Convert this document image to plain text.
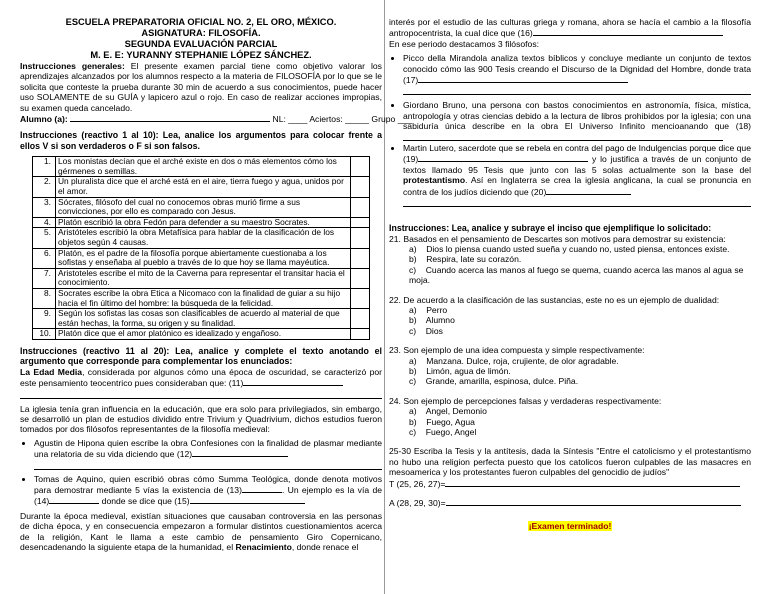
ESCUELA PREPARATORIA OFICIAL NO. 2, EL ORO, MÉXICO.
ASIGNATURA: FILOSOFÍA.
SEGUNDA EVALUACIÓN PARCIAL
M. E. E: YURANNY STEPHANIE LÓPEZ SÁNCHEZ.

Instrucciones generales: El presente examen parcial tiene como objetivo valorar los aprendizajes alcanzados por los alumnos respecto a la materia de FILOSOFÍA por lo que se le solicita que conteste la prueba durante 30 min de acuerdo a sus conocimientos, puede hacer uso SOLAMENTE de su GUÍA y lapicero azul o rojo. En caso de realizar acciones impropias, su examen queda cancelado.

Alumno (a):	NL: ____ Aciertos: _____ Grupo ___

Instrucciones (reactivo 1 al 10): Lea, analice los argumentos para colocar frente a ellos V si son verdaderos o F si son falsos.

1.	Los monistas decían que el arché existe en dos o más elementos cómo los gérmenes o semillas.	
2.	Un pluralista dice que el arché está en el aire, tierra fuego y agua, unidos por el amor.	
3.	Sócrates, filósofo del cual no conocemos obras murió firme a sus convicciones, por ello es comparado con Jesus.	
4.	Platón escribió la obra Fedón para defender a su maestro Socrates.	
5.	Aristóteles escribió la obra Metafísica para hablar de la clasificación de los objetos según 4 causas.	
6.	Platón, es el padre de la filosofía porque abiertamente cuestionaba a los sofistas y enseñaba al pueblo a través de lo que hoy se llama mayéutica.	
7.	Aristoteles escribe el mito de la Caverna para representar el transitar hacia el conocimiento.	
8.	Socrates escribe la obra Etica a Nicomaco con la finalidad de guiar a su hijo hacia el fin último del hombre: la búsqueda de la felicidad.	
9.	Según los sofistas las cosas son clasificables de acuerdo al material de que están hechas, la forma, su origen y su finalidad.	
10.	Platón dice que el amor platónico es idealizado y engañoso.	

Instrucciones (reactivo 11 al 20): Lea, analice y complete el texto anotando el argumento que corresponde para complementar los enunciados:

La Edad Media, considerada por algunos cómo una época de oscuridad, se caracterizó por este pensamiento teocentrico pues consideraban que: (11)

La iglesia tenía gran influencia en la educación, que era solo para privilegiados, sin embargo, se desarrolló un plan de estudios dividido entre Trivium y Quadrivium, dichos estudios fueron tomados por dos filósofos representantes de la filosofía medieval:

• Agustin de Hipona quien escribe la obra Confesiones con la finalidad de plasmar mediante una relatoria de su vida diciendo que (12)
• Tomas de Aquino, quien escribió obras cómo Summa Teológica, donde denota motivos para demostrar mediante 5 vías la existencia de (13)	. Un ejemplo es la vía de (14)	donde se dice que (15)

Durante la época medieval, existían situaciones que causaban controversia en las personas de dicha época, y en consecuencia empezaron a formular distintos cuestionamientos acerca de la religión, Kant le llama a este cambio de pensamiento Giro Copernicano, desencadenando la siguiente etapa de la humanidad, el Renacimiento, donde renace el

interés por el estudio de las culturas griega y romana, ahora se hacía el cambio a la filosofía antropocentrista, la cual dice que (16)

En ese periodo destacamos 3 filósofos:

• Picco della Mirandola analiza textos bíblicos y concluye mediante un conjunto de textos conocido cómo las 900 Tesis creando el Discurso de la Dignidad del Hombre, donde trata (17)
• Giordano Bruno, una persona con bastos conocimientos en astronomía, física, mística, antropología y otras ciencias debido a la lectura de libros prohibidos por la iglesia; con una sabiduría única describe en la obra El Universo Infinito mencioanando que (18)
• Martin Lutero, sacerdote que se rebela en contra del pago de Indulgencias porque dice que (19)	y lo justifica a través de un conjunto de textos llamado 95 Tesis que junto con las 5 solas actualmente son la base del protestantismo. Así en Inglaterra se crea la iglesia anglicana, la cual se pronuncia en contra de los judíos diciendo que (20)

Instrucciones: Lea, analice y subraye el inciso que ejemplifique lo solicitado:

21. Basados en el pensamiento de Descartes son motivos para demostrar su existencia:

a)    Dios lo piensa cuando usted sueña y cuando no, usted piensa, entonces existe.

b)    Respira, late su corazón.

c)    Cuando acerca las manos al fuego se quema, cuando acerca las manos al agua se moja.

22. De acuerdo a la clasificación de las sustancias, este no es un ejemplo de dualidad:

a)    Perro

b)    Alumno

c)    Dios

23. Son ejemplo de una idea compuesta y simple respectivamente:

a)    Manzana. Dulce, roja, crujiente, de olor agradable.

b)    Limón, agua de limón.

c)    Grande, amarilla, espinosa, dulce. Piña.

24. Son ejemplo de percepciones falsas y verdaderas respectivamente:

a)    Angel, Demonio

b)    Fuego, Agua

c)    Fuego, Angel

25-30 Escriba la Tesis y la antítesis, dada la Síntesis "Entre el catolicismo y el protestantismo no hubo una religion perfecta puesto que los catolicos fueron culpables de las masacres en mesoamerica y los protestantes fueron culpables del genocidio de judíos"

T (25, 26, 27)=

A (28, 29, 30)=

¡Examen terminado!
